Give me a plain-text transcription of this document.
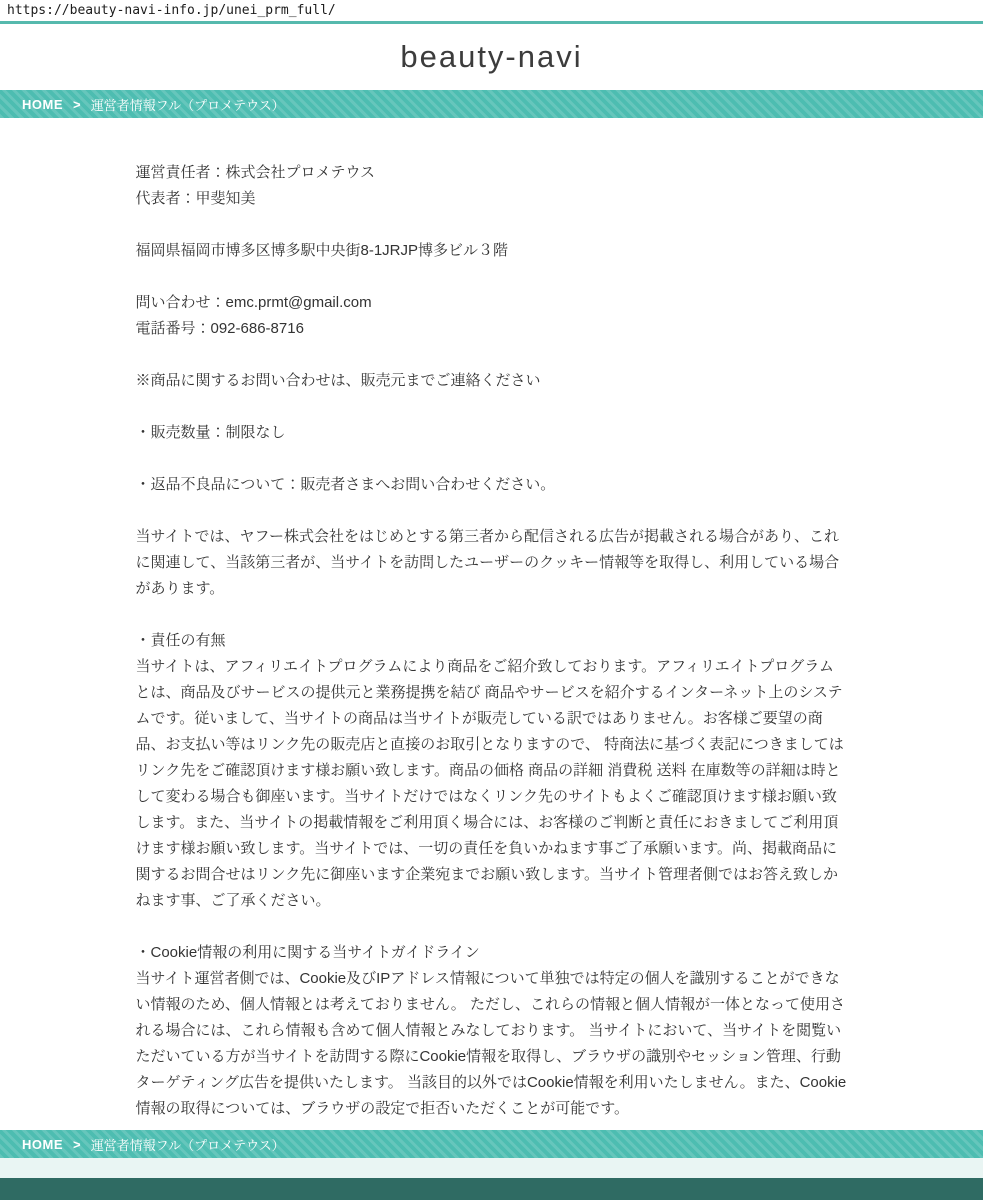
https://beauty-navi-info.jp/unei_prm_full/
beauty-navi
HOME > 運営者情報フル（プロメテウス）

運営責任者：株式会社プロメテウス
代表者：甲斐知美

福岡県福岡市博多区博多駅中央街8-1JRJP博多ビル３階

問い合わせ：emc.prmt@gmail.com
電話番号：092-686-8716

※商品に関するお問い合わせは、販売元までご連絡ください

・販売数量：制限なし

・返品不良品について：販売者さまへお問い合わせください。

当サイトでは、ヤフー株式会社をはじめとする第三者から配信される広告が掲載される場合があり、これに関連して、当該第三者が、当サイトを訪問したユーザーのクッキー情報等を取得し、利用している場合があります。

・責任の有無
当サイトは、アフィリエイトプログラムにより商品をご紹介致しております。アフィリエイトプログラムとは、商品及びサービスの提供元と業務提携を結び 商品やサービスを紹介するインターネット上のシステムです。従いまして、当サイトの商品は当サイトが販売している訳ではありません。お客様ご要望の商品、お支払い等はリンク先の販売店と直接のお取引となりますので、 特商法に基づく表記につきましてはリンク先をご確認頂けます様お願い致します。商品の価格 商品の詳細 消費税 送料 在庫数等の詳細は時として変わる場合も御座います。当サイトだけではなくリンク先のサイトもよくご確認頂けます様お願い致します。また、当サイトの掲載情報をご利用頂く場合には、お客様のご判断と責任におきましてご利用頂けます様お願い致します。当サイトでは、一切の責任を負いかねます事ご了承願います。尚、掲載商品に関するお問合せはリンク先に御座います企業宛までお願い致します。当サイト管理者側ではお答え致しかねます事、ご了承ください。

・Cookie情報の利用に関する当サイトガイドライン
当サイト運営者側では、Cookie及びIPアドレス情報について単独では特定の個人を識別することができない情報のため、個人情報とは考えておりません。 ただし、これらの情報と個人情報が一体となって使用される場合には、これら情報も含めて個人情報とみなしております。 当サイトにおいて、当サイトを閲覧いただいている方が当サイトを訪問する際にCookie情報を取得し、ブラウザの識別やセッション管理、行動ターゲティング広告を提供いたします。 当該目的以外ではCookie情報を利用いたしません。また、Cookie情報の取得については、ブラウザの設定で拒否いただくことが可能です。

HOME > 運営者情報フル（プロメテウス）
